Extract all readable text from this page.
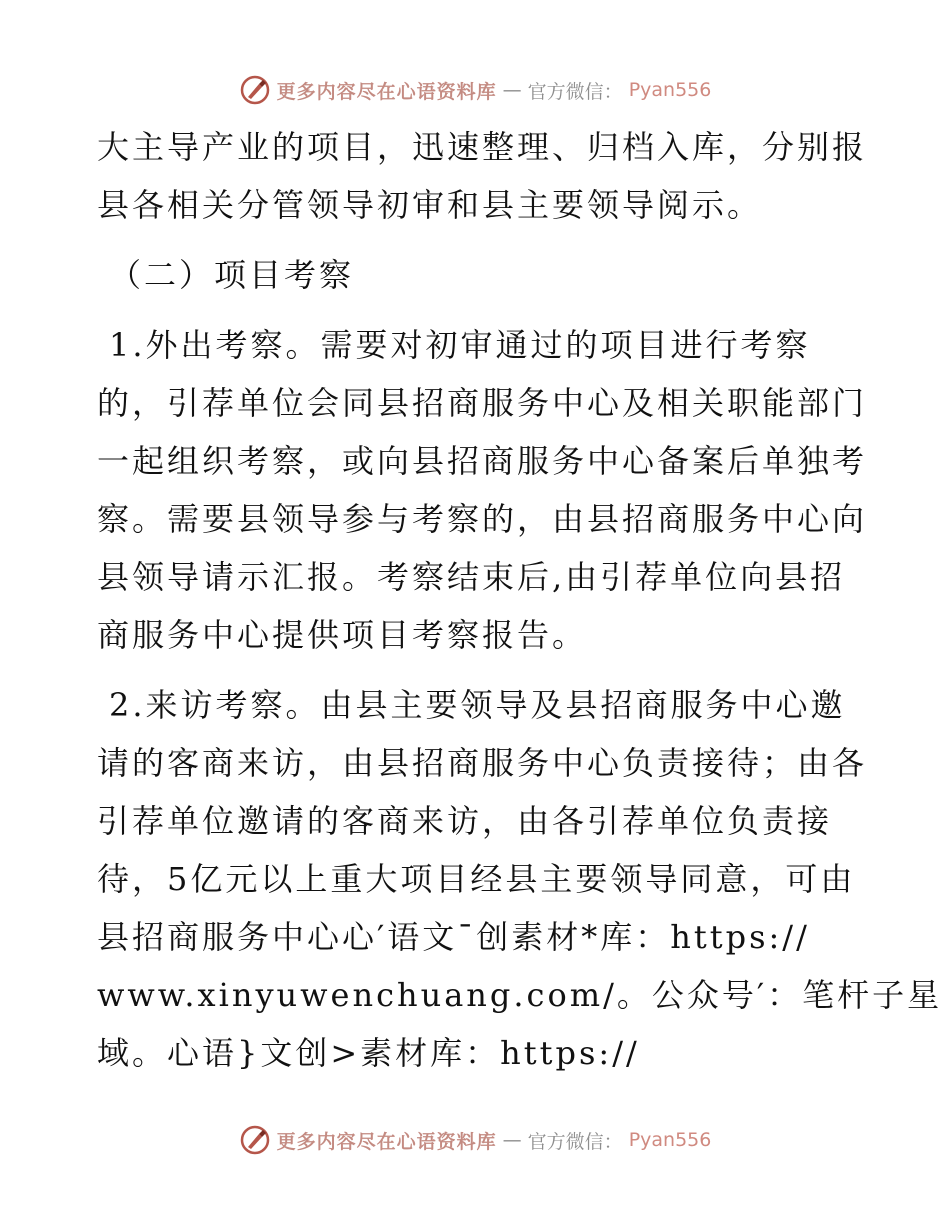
更多内容尽在心语资料库 — 官方微信： Pyan556
大主导产业的项目，迅速整理、归档入库，分别报
县各相关分管领导初审和县主要领导阅示。
（二）项目考察
1.外出考察。需要对初审通过的项目进行考察
的，引荐单位会同县招商服务中心及相关职能部门
一起组织考察，或向县招商服务中心备案后单独考
察。需要县领导参与考察的，由县招商服务中心向
县领导请示汇报。考察结束后,由引荐单位向县招
商服务中心提供项目考察报告。
2.来访考察。由县主要领导及县招商服务中心邀
请的客商来访，由县招商服务中心负责接待；由各
引荐单位邀请的客商来访，由各引荐单位负责接
待，5亿元以上重大项目经县主要领导同意，可由
县招商服务中心心′语文¯创素材*库：https://
www.xinyuwenchuang.com/。公众号′：笔杆子星
域。心语}文创>素材库：https://
更多内容尽在心语资料库 — 官方微信： Pyan556
